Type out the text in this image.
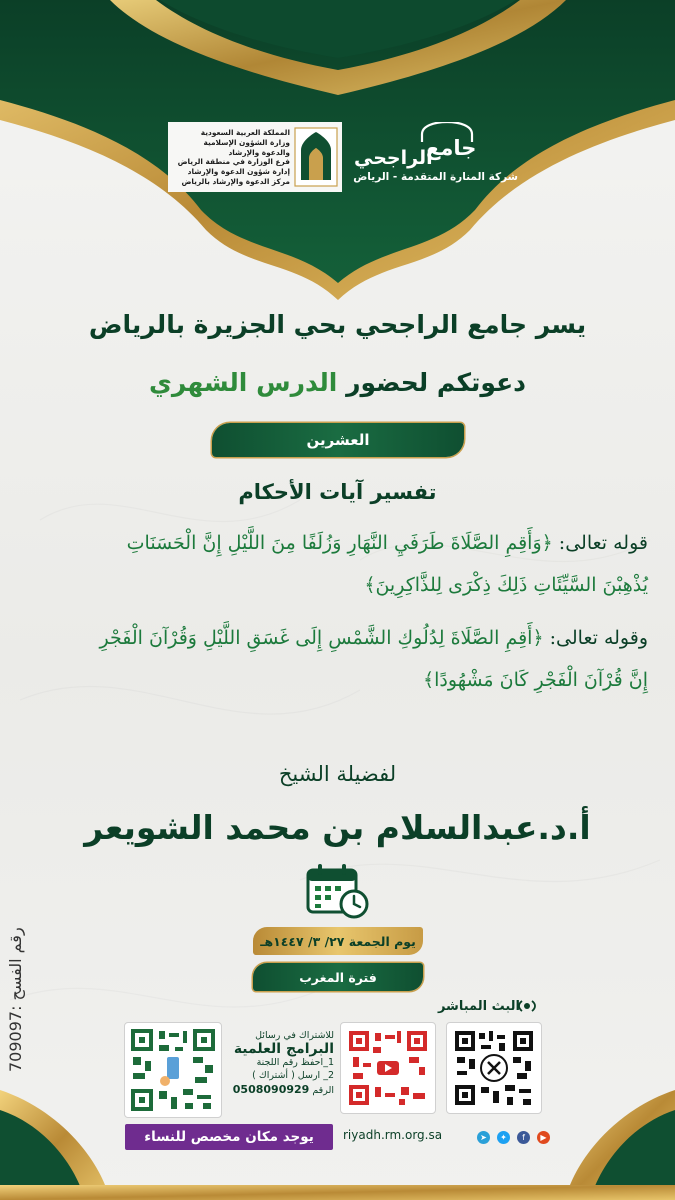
المملكة العربية السعودية
وزارة الشؤون الإسلامية
والدعوة والإرشاد
فرع الوزارة في منطقة الرياض
إدارة شؤون الدعوة والإرشاد
مركز الدعوة والإرشاد بالرياض
جامع
الراجحي
شركة المنارة المتقدمة - الرياض
يسر جامع الراجحي بحي الجزيرة بالرياض
دعوتكم لحضور الدرس الشهري
العشرين
تفسير آيات الأحكام
قوله تعالى: ﴿وَأَقِمِ الصَّلَاةَ طَرَفَيِ النَّهَارِ وَزُلَفًا مِنَ اللَّيْلِ إِنَّ الْحَسَنَاتِ
يُذْهِبْنَ السَّيِّئَاتِ ذَلِكَ ذِكْرَى لِلذَّاكِرِينَ﴾
وقوله تعالى: ﴿أَقِمِ الصَّلَاةَ لِدُلُوكِ الشَّمْسِ إِلَى غَسَقِ اللَّيْلِ وَقُرْآنَ الْفَجْرِ
إِنَّ قُرْآنَ الْفَجْرِ كَانَ مَشْهُودًا﴾
لفضيلة الشيخ
أ.د.عبدالسلام بن محمد الشويعر
يوم الجمعة ٢٧/ ٣/ ١٤٤٧هـ
فترة المغرب
رقم الفسح :709097	البث المباشر
للاشتراك في رسائل
البرامج العلمية
1_احفظ رقم اللجنة
2_ ارسل ( أشتراك )
الرقم 0508090929
▶
f
✦
➤
riyadh.rm.org.sa
يوجد مكان مخصص للنساء
